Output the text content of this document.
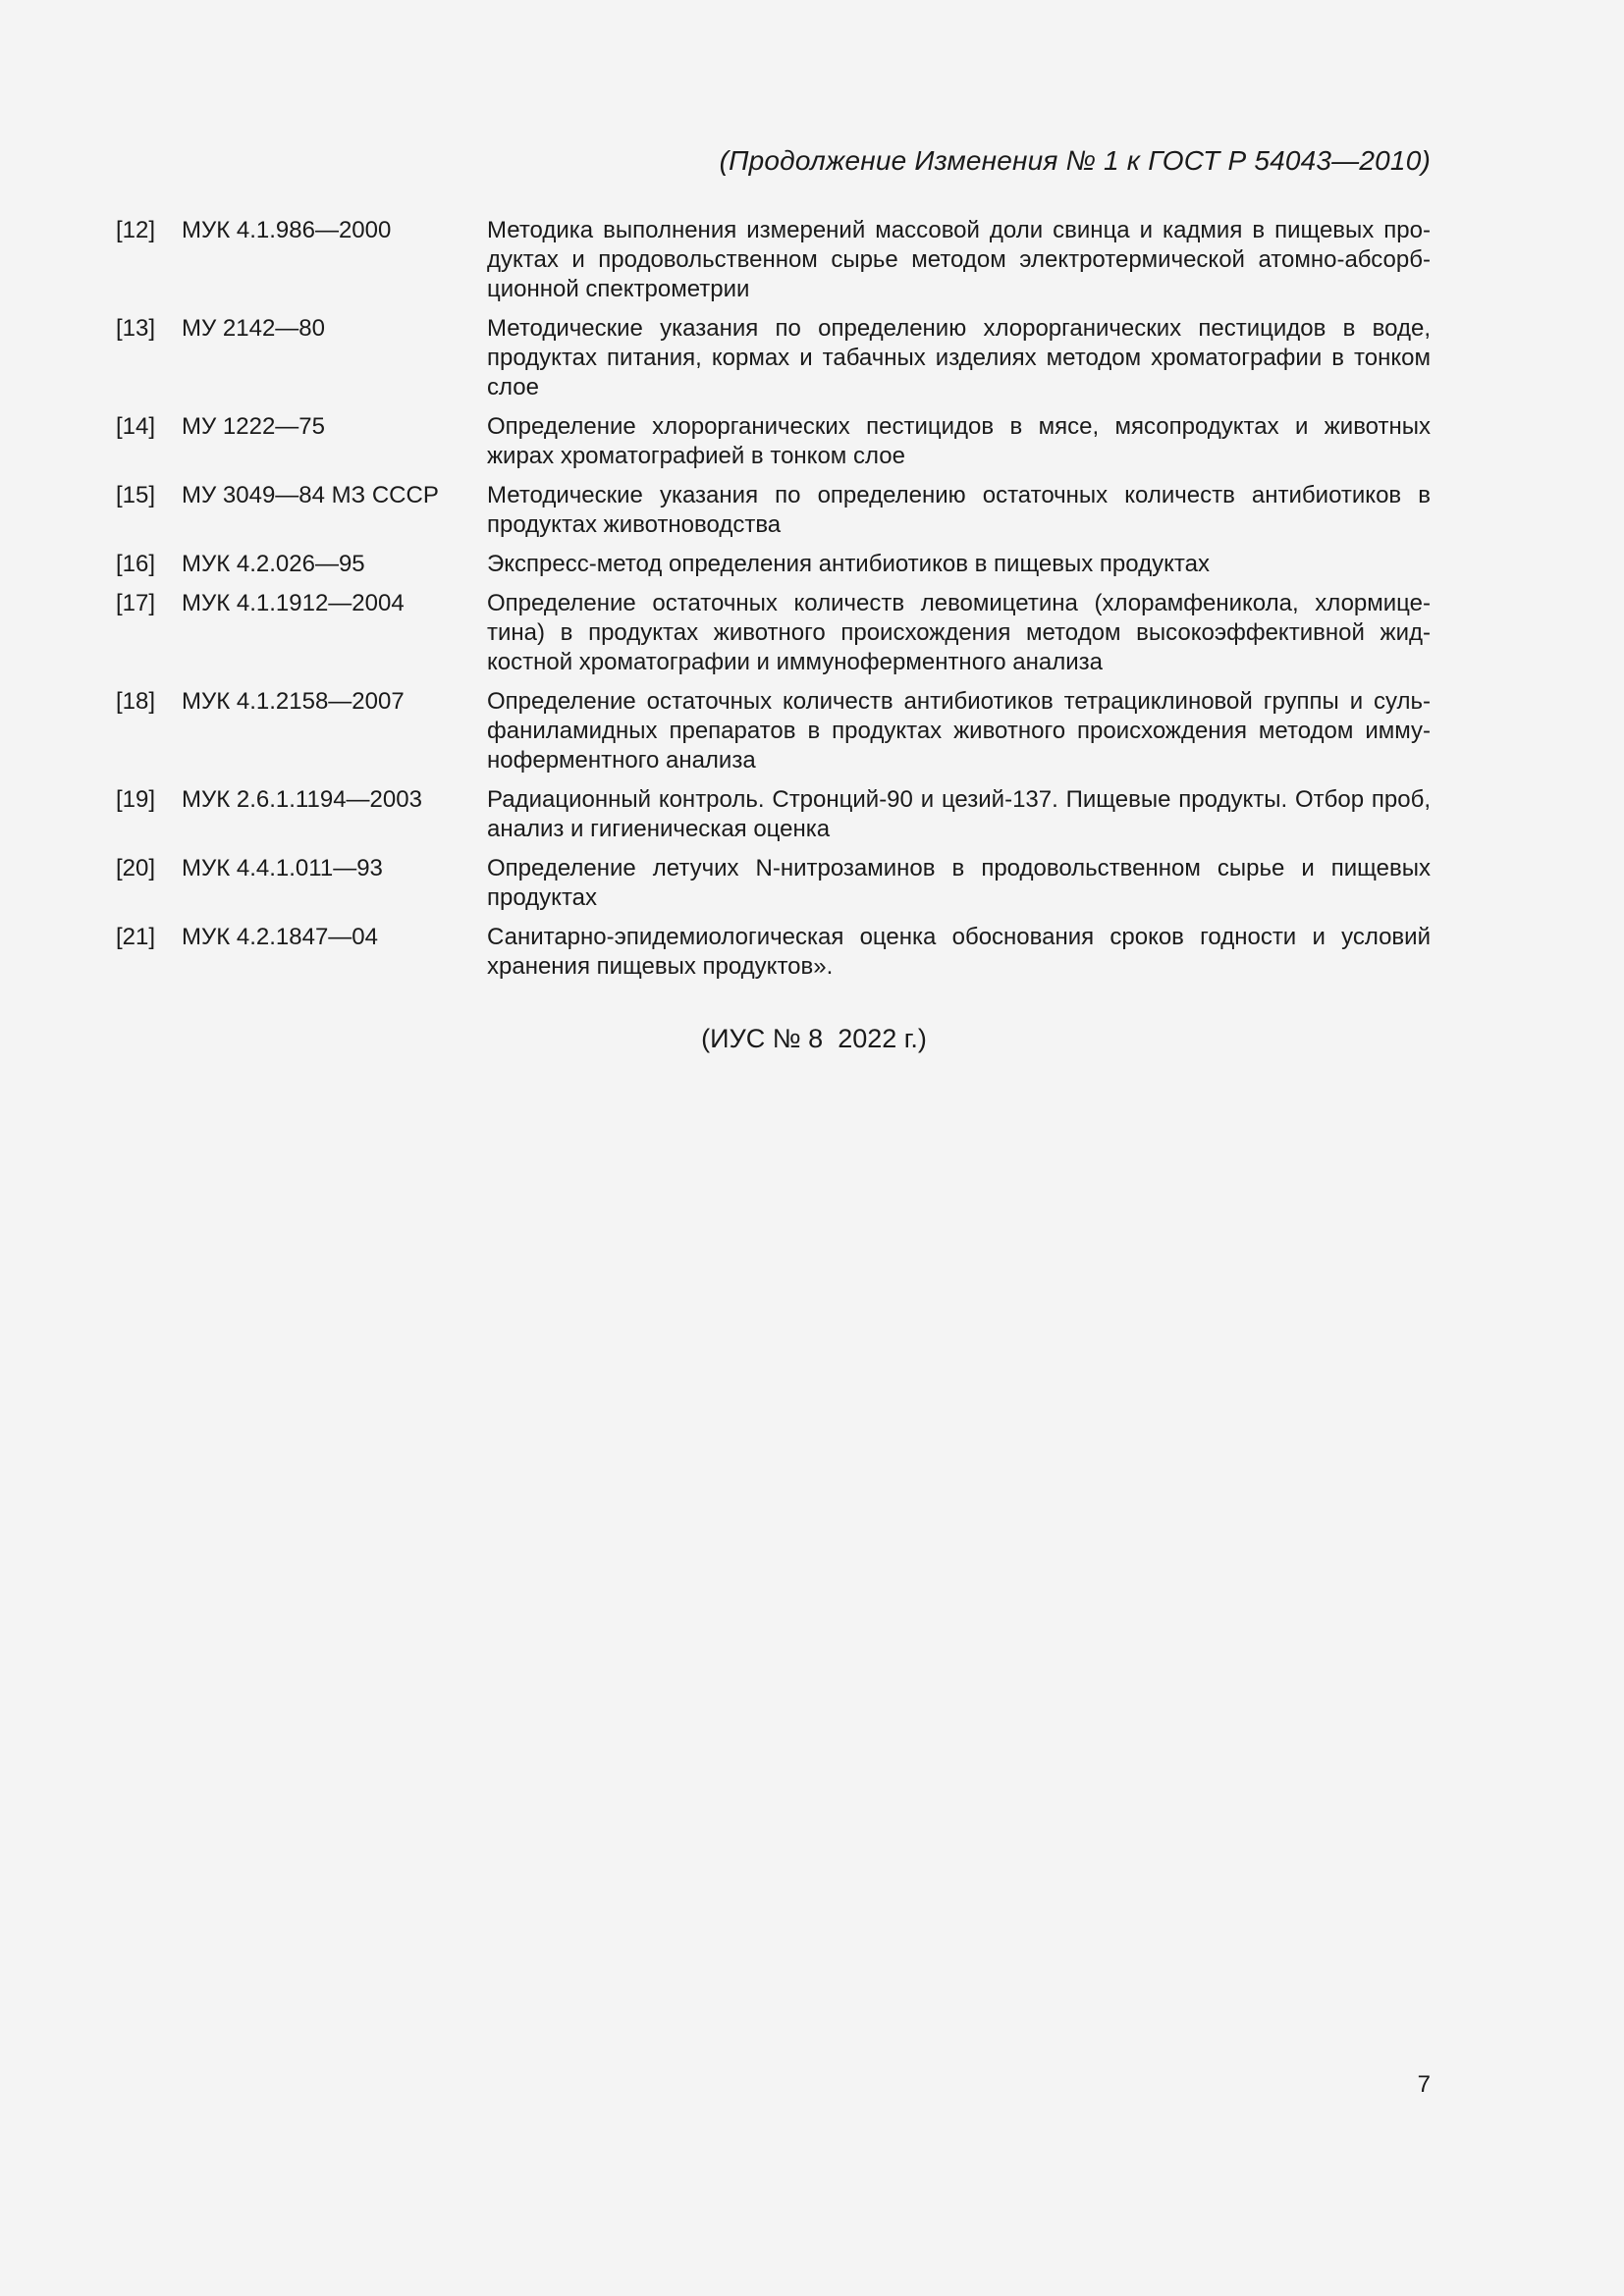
(Продолжение Изменения № 1 к ГОСТ Р 54043—2010)
[12]	МУК 4.1.986—2000	Методика выполнения измерений массовой доли свинца и кадмия в пищевых продуктах и продовольственном сырье методом электротермической атомно-абсорбционной спектрометрии
[13]	МУ 2142—80	Методические указания по определению хлорорганических пестицидов в воде, продуктах питания, кормах и табачных изделиях методом хроматографии в тонком слое
[14]	МУ 1222—75	Определение хлорорганических пестицидов в мясе, мясопродуктах и животных жирах хроматографией в тонком слое
[15]	МУ 3049—84 МЗ СССР	Методические указания по определению остаточных количеств антибиотиков в продуктах животноводства
[16]	МУК 4.2.026—95	Экспресс-метод определения антибиотиков в пищевых продуктах
[17]	МУК 4.1.1912—2004	Определение остаточных количеств левомицетина (хлорамфеникола, хлормицетина) в продуктах животного происхождения методом высокоэффективной жидкостной хроматографии и иммуноферментного анализа
[18]	МУК 4.1.2158—2007	Определение остаточных количеств антибиотиков тетрациклиновой группы и сульфаниламидных препаратов в продуктах животного происхождения методом иммуноферментного анализа
[19]	МУК 2.6.1.1194—2003	Радиационный контроль. Стронций-90 и цезий-137. Пищевые продукты. Отбор проб, анализ и гигиеническая оценка
[20]	МУК 4.4.1.011—93	Определение летучих N-нитрозаминов в продовольственном сырье и пищевых продуктах
[21]	МУК 4.2.1847—04	Санитарно-эпидемиологическая оценка обоснования сроков годности и условий хранения пищевых продуктов».
(ИУС № 8  2022 г.)
7
